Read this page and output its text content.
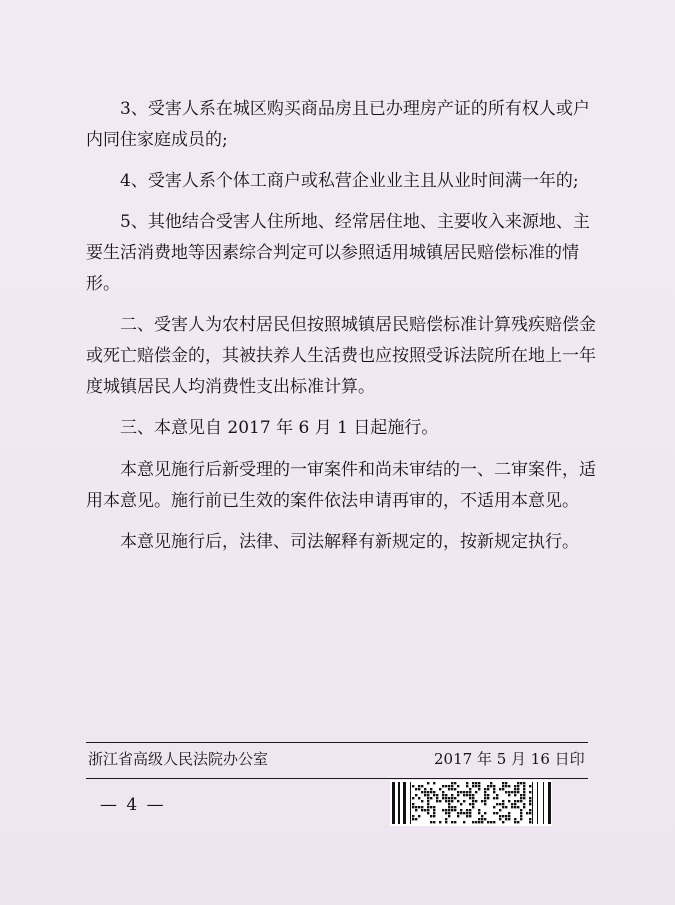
3、受害人系在城区购买商品房且已办理房产证的所有权人或户内同住家庭成员的;

4、受害人系个体工商户或私营企业业主且从业时间满一年的;

5、其他结合受害人住所地、经常居住地、主要收入来源地、主要生活消费地等因素综合判定可以参照适用城镇居民赔偿标准的情形。

二、受害人为农村居民但按照城镇居民赔偿标准计算残疾赔偿金或死亡赔偿金的，其被扶养人生活费也应按照受诉法院所在地上一年度城镇居民人均消费性支出标准计算。

三、本意见自 2017 年 6 月 1 日起施行。

本意见施行后新受理的一审案件和尚未审结的一、二审案件，适用本意见。施行前已生效的案件依法申请再审的，不适用本意见。

本意见施行后，法律、司法解释有新规定的，按新规定执行。

浙江省高级人民法院办公室	2017 年 5 月 16 日印
— 4 —
